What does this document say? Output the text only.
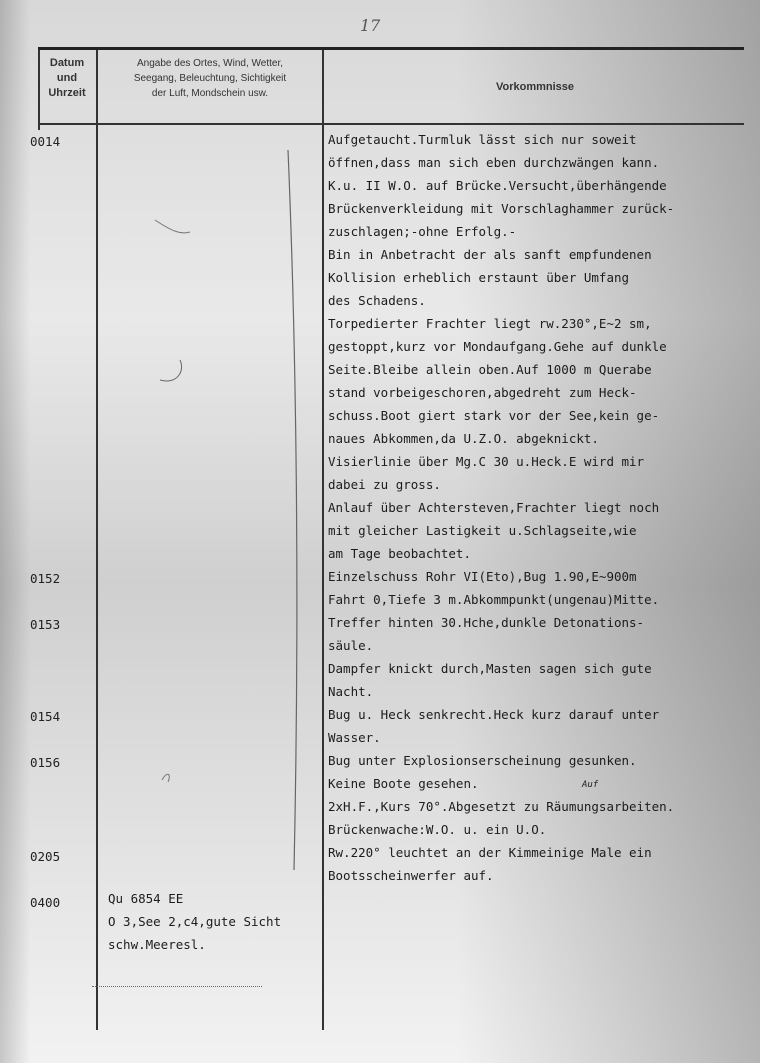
17
Datum
und
Uhrzeit
Angabe des Ortes, Wind, Wetter,
Seegang, Beleuchtung, Sichtigkeit
der Luft, Mondschein usw.
Vorkommnisse
0014
0152
0153
0154
0156
0205
0400
Aufgetaucht.Turmluk lässt sich nur soweit
öffnen,dass man sich eben durchzwängen kann.
K.u. II W.O. auf Brücke.Versucht,überhängende
Brückenverkleidung mit Vorschlaghammer zurück-
zuschlagen;-ohne Erfolg.-
Bin in Anbetracht der als sanft empfundenen
Kollision erheblich erstaunt über Umfang
des Schadens.
Torpedierter Frachter liegt rw.230°,E~2 sm,
gestoppt,kurz vor Mondaufgang.Gehe auf dunkle
Seite.Bleibe allein oben.Auf 1000 m Querabe
stand vorbeigeschoren,abgedreht zum Heck-
schuss.Boot giert stark vor der See,kein ge-
naues Abkommen,da U.Z.O. abgeknickt.
Visierlinie über Mg.C 30 u.Heck.E wird mir
dabei zu gross.
Anlauf über Achtersteven,Frachter liegt noch
mit gleicher Lastigkeit u.Schlagseite,wie
am Tage beobachtet.
Einzelschuss Rohr VI(Eto),Bug 1.90,E~900m
Fahrt 0,Tiefe 3 m.Abkommpunkt(ungenau)Mitte.
Treffer hinten 30.Hche,dunkle Detonations-
säule.
Dampfer knickt durch,Masten sagen sich gute
Nacht.
Bug u. Heck senkrecht.Heck kurz darauf unter
Wasser.
Bug unter Explosionserscheinung gesunken.
Keine Boote gesehen.
2xH.F.,Kurs 70°.Abgesetzt zu Räumungsarbeiten.
Brückenwache:W.O. u. ein U.O.
Rw.220° leuchtet an der Kimmeinige Male ein
Bootsscheinwerfer auf.
Qu 6854 EE
O 3,See 2,c4,gute Sicht
schw.Meeresl.
Auf
